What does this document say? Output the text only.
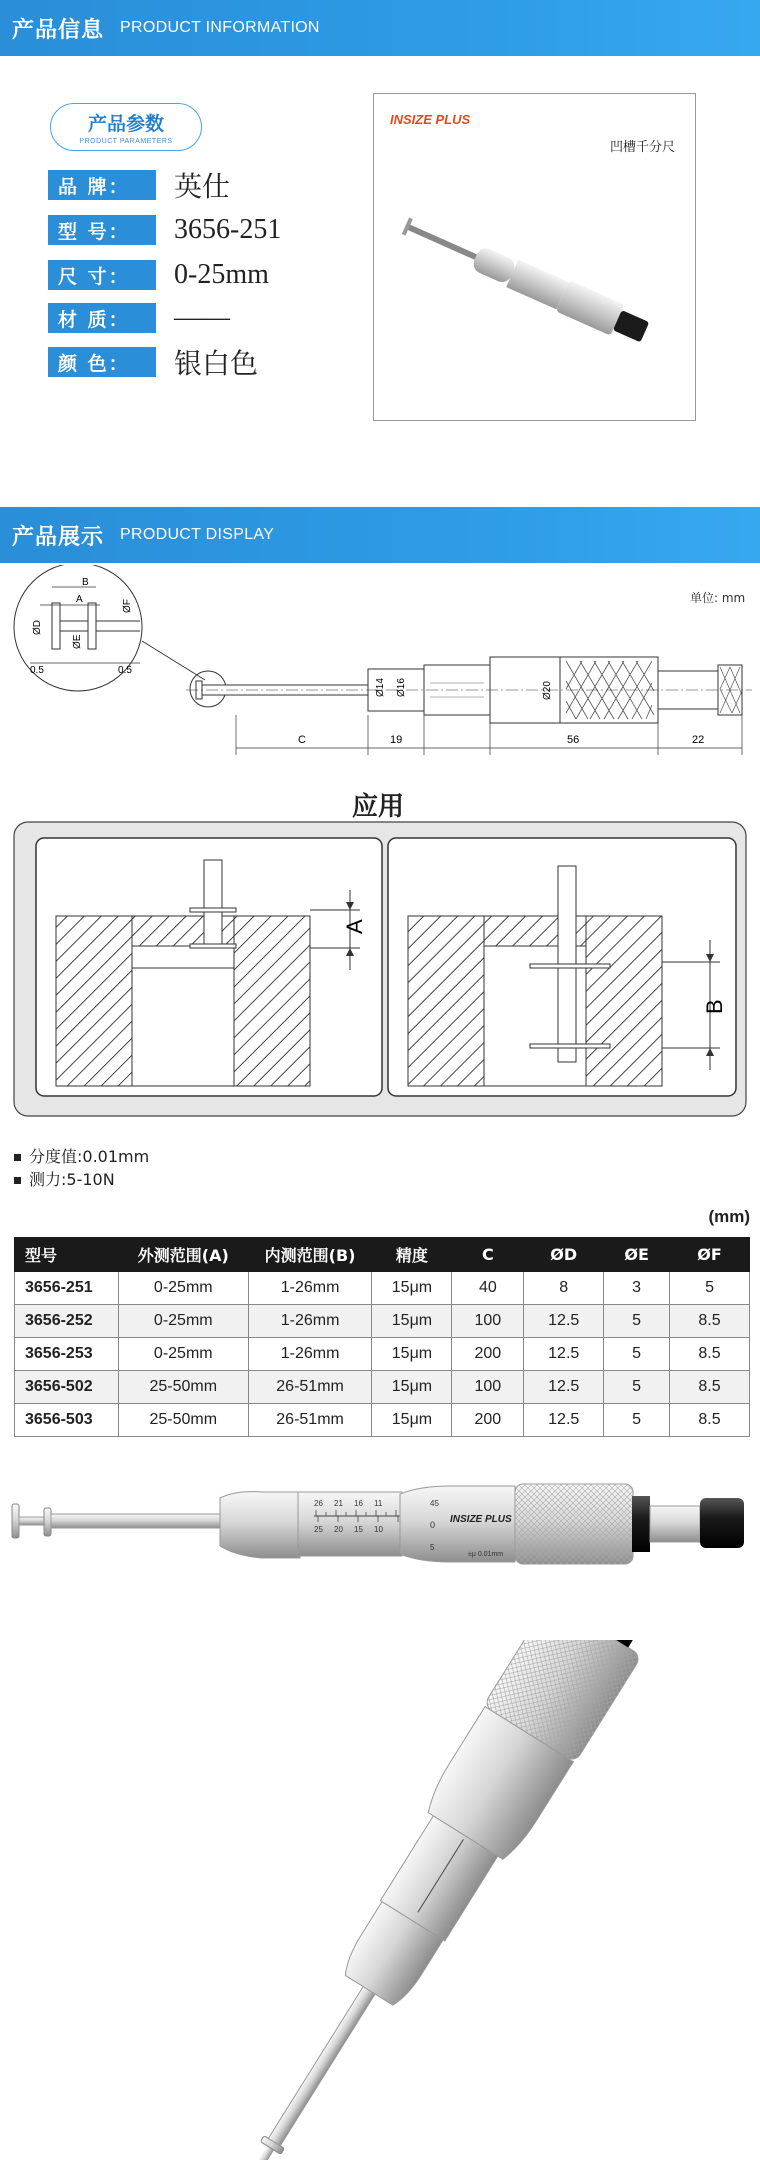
产品信息 PRODUCT INFORMATION
产品参数
PRODUCT PARAMETERS
品 牌：	英仕
型 号：	3656-251
尺 寸：	0-25mm
材 质：	——
颜 色：	银白色
INSIZE PLUS
凹槽千分尺
产品展示 PRODUCT DISPLAY
单位: mm
B
A
ØD
ØE
ØF
0.5	0.5
Ø14 Ø16	Ø20
C	19	56	22
应用
A
B
分度值:0.01mm
测力:5-10N
(mm)
型号	外测范围(A)	内测范围(B)	精度	C	ØD	ØE	ØF
3656-251	0-25mm	1-26mm	15μm	40	8	3	5
3656-252	0-25mm	1-26mm	15μm	100	12.5	5	8.5
3656-253	0-25mm	1-26mm	15μm	200	12.5	5	8.5
3656-502	25-50mm	26-51mm	15μm	100	12.5	5	8.5
3656-503	25-50mm	26-51mm	15μm	200	12.5	5	8.5
26 21 16 11
25 20 15 10
45
0
5
INSIZE PLUS
±μ 0.01mm
